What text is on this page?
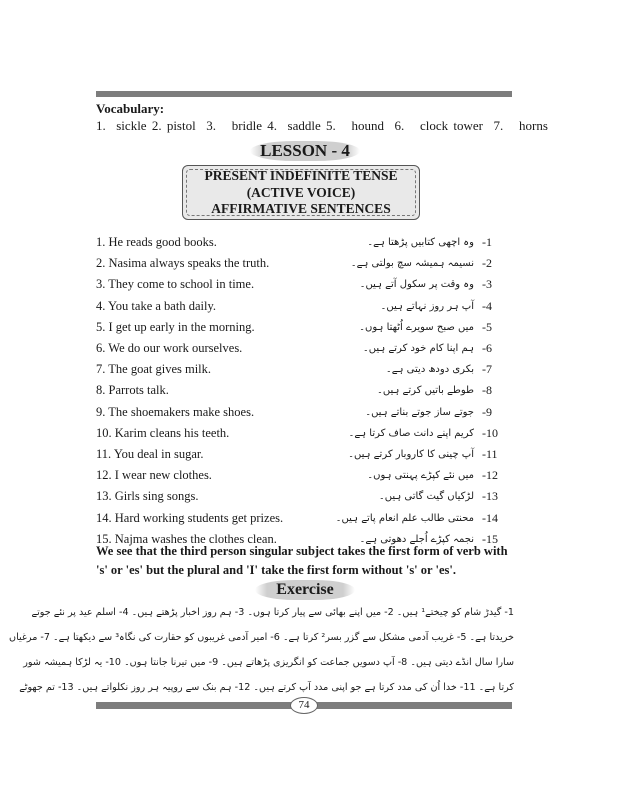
Vocabulary:
1.  sickle 2. pistol  3.   bridle 4.  saddle 5.   hound  6.   clock tower  7.   horns
LESSON - 4
PRESENT INDEFINITE TENSE
(ACTIVE VOICE)
AFFIRMATIVE SENTENCES
1. He reads good books.	وہ اچھی کتابیں پڑھتا ہے۔	- 1
2. Nasima always speaks the truth.	نسیمہ ہمیشہ سچ بولتی ہے۔	- 2
3. They come to school in time.	وہ وقت پر سکول آتے ہیں۔	- 3
4. You take a bath daily.	آپ ہر روز نہاتے ہیں۔	- 4
5. I get up early in the morning.	میں صبح سویرے اُٹھتا ہوں۔	- 5
6. We do our work ourselves.	ہم اپنا کام خود کرتے ہیں۔	- 6
7. The goat gives milk.	بکری دودھ دیتی ہے۔	- 7
8. Parrots talk.	طوطے باتیں کرتے ہیں۔	- 8
9. The shoemakers make shoes.	جوتے ساز جوتے بناتے ہیں۔	- 9
10. Karim cleans his teeth.	کریم اپنے دانت صاف کرتا ہے۔	- 10
11. You deal in sugar.	آپ چینی کا کاروبار کرتے ہیں۔	- 11
12. I wear new clothes.	میں نئے کپڑے پہنتی ہوں۔	- 12
13. Girls sing songs.	لڑکیاں گیت گاتی ہیں۔	- 13
14. Hard working students get prizes.	محنتی طالب علم انعام پاتے ہیں۔	- 14
15. Najma washes the clothes clean.	نجمہ کپڑے اُجلے دھوتی ہے۔	- 15
We see that the third person singular subject takes the first form of verb with 's' or 'es' but the plural and 'I' take the first form without 's' or 'es'.
Exercise
1- گیدڑ شام کو چیختے¹ ہیں۔ 2- میں اپنے بھائی سے پیار کرتا ہوں۔ 3- ہم روز اخبار پڑھتے ہیں۔ 4- اسلم عید پر نئے جوتے
خریدتا ہے۔ 5- غریب آدمی مشکل سے گزر بسر² کرتا ہے۔ 6- امیر آدمی غریبوں کو حقارت کی نگاہ³ سے دیکھتا ہے۔ 7- مرغیاں
سارا سال انڈے دیتی ہیں۔ 8- آپ دسویں جماعت کو انگریزی پڑھاتے ہیں۔ 9- میں تیرنا جانتا ہوں۔ 10- یہ لڑکا ہمیشہ شور
کرتا ہے۔ 11- خدا اُن کی مدد کرتا ہے جو اپنی مدد آپ کرتے ہیں۔ 12- ہم بنک سے روپیہ ہر روز نکلواتے ہیں۔ 13- تم جھوٹے
74
